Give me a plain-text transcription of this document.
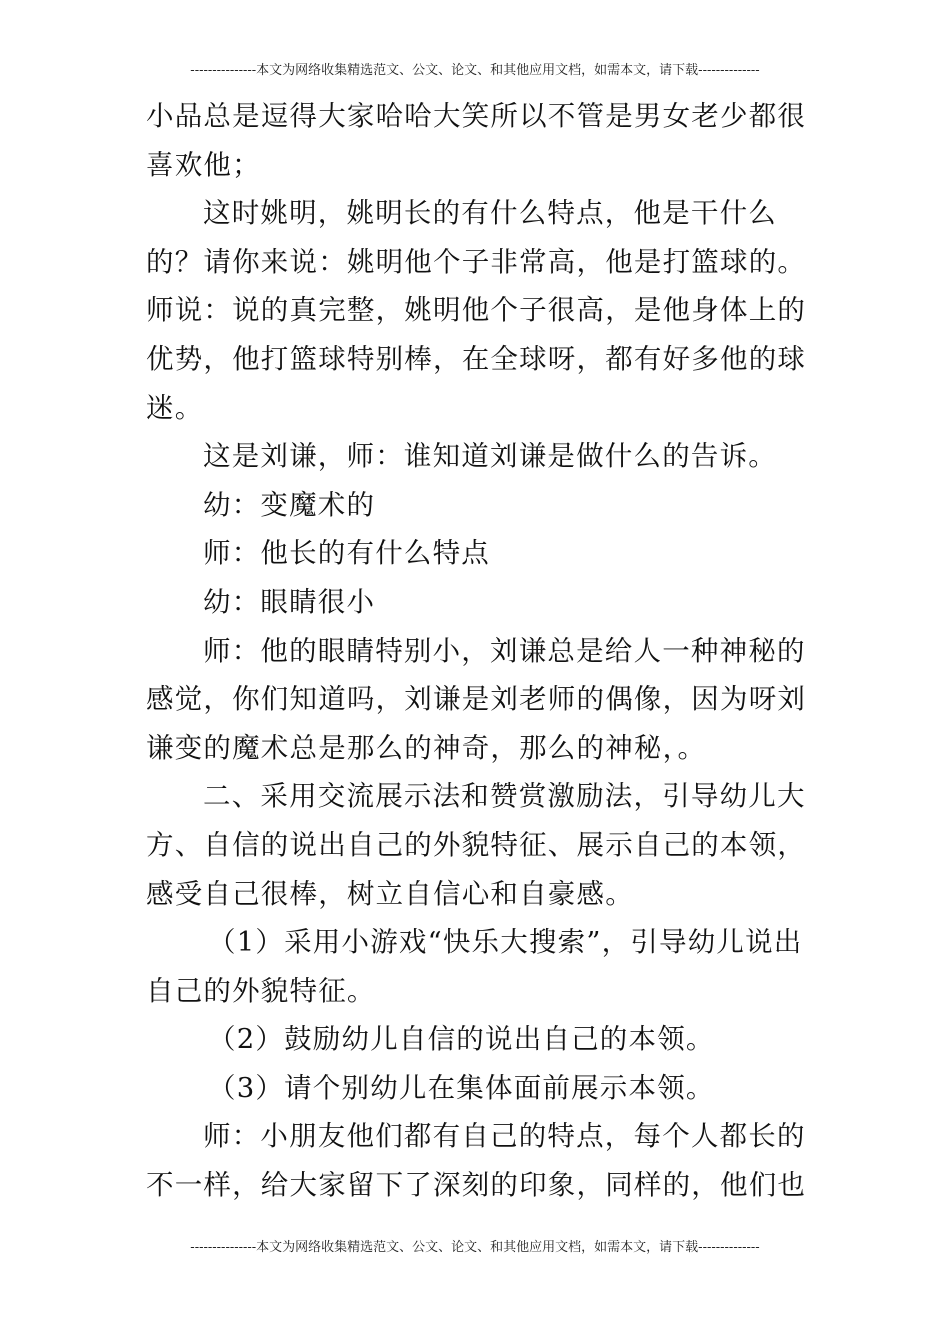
---------------本文为网络收集精选范文、公文、论文、和其他应用文档，如需本文，请下载--------------

小品总是逗得大家哈哈大笑所以不管是男女老少都很喜欢他；

这时姚明，姚明长的有什么特点，他是干什么的？请你来说：姚明他个子非常高，他是打篮球的。师说：说的真完整，姚明他个子很高，是他身体上的优势，他打篮球特别棒，在全球呀，都有好多他的球迷。

这是刘谦，师：谁知道刘谦是做什么的告诉。

幼：变魔术的

师：他长的有什么特点

幼：眼睛很小

师：他的眼睛特别小，刘谦总是给人一种神秘的感觉，你们知道吗，刘谦是刘老师的偶像，因为呀刘谦变的魔术总是那么的神奇，那么的神秘，。

二、采用交流展示法和赞赏激励法，引导幼儿大方、自信的说出自己的外貌特征、展示自己的本领，感受自己很棒，树立自信心和自豪感。

（1）采用小游戏“快乐大搜索”，引导幼儿说出自己的外貌特征。

（2）鼓励幼儿自信的说出自己的本领。

（3）请个别幼儿在集体面前展示本领。

师：小朋友他们都有自己的特点，每个人都长的不一样，给大家留下了深刻的印象，同样的，他们也

---------------本文为网络收集精选范文、公文、论文、和其他应用文档，如需本文，请下载--------------
